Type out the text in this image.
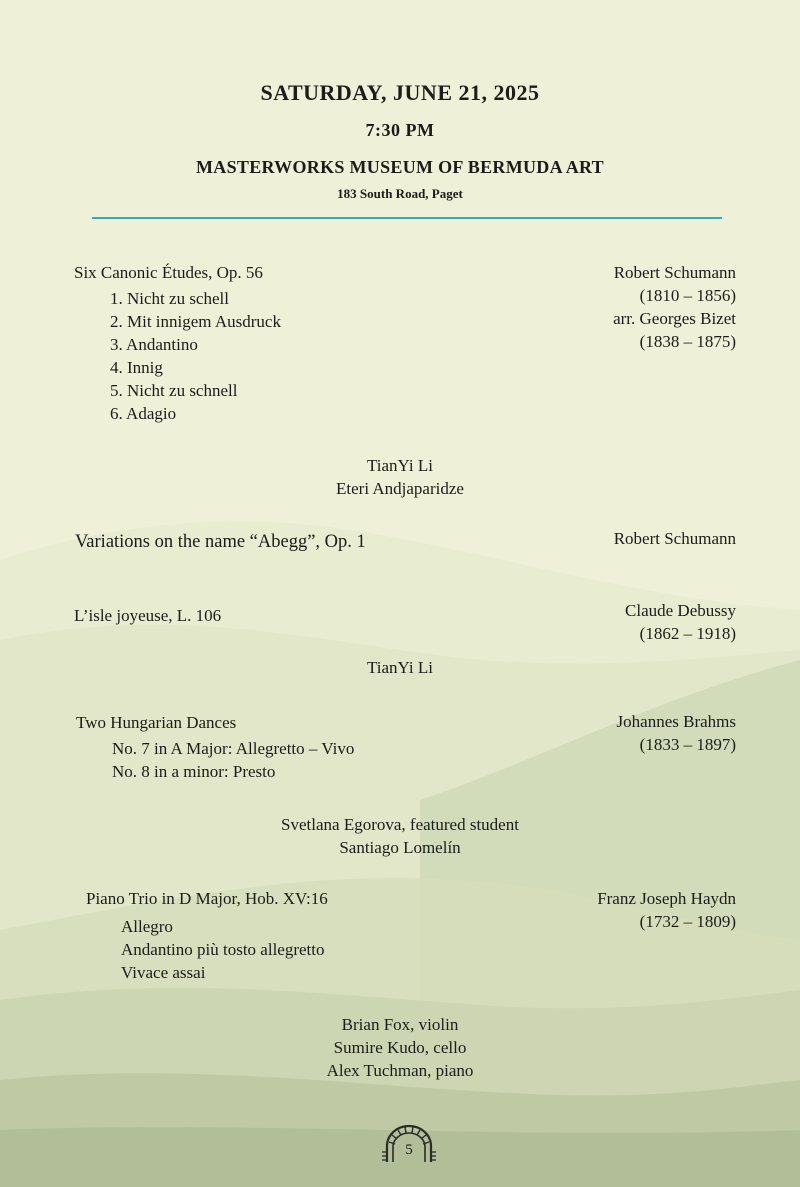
SATURDAY, JUNE 21, 2025
7:30 PM
MASTERWORKS MUSEUM OF BERMUDA ART
183 South Road, Paget
Six Canonic Études, Op. 56
1. Nicht zu schell
2. Mit innigem Ausdruck
3. Andantino
4. Innig
5. Nicht zu schnell
6. Adagio
Robert Schumann
(1810 – 1856)
arr. Georges Bizet
(1838 – 1875)
TianYi Li
Eteri Andjaparidze
Variations on the name “Abegg”, Op. 1	Robert Schumann
L’isle joyeuse, L. 106	Claude Debussy
(1862 – 1918)
TianYi Li
Two Hungarian Dances
No. 7 in A Major: Allegretto – Vivo
No. 8 in a minor: Presto
Johannes Brahms
(1833 – 1897)
Svetlana Egorova, featured student
Santiago Lomelín
Piano Trio in D Major, Hob. XV:16
Allegro
Andantino più tosto allegretto
Vivace assai
Franz Joseph Haydn
(1732 – 1809)
Brian Fox, violin
Sumire Kudo, cello
Alex Tuchman, piano
5
